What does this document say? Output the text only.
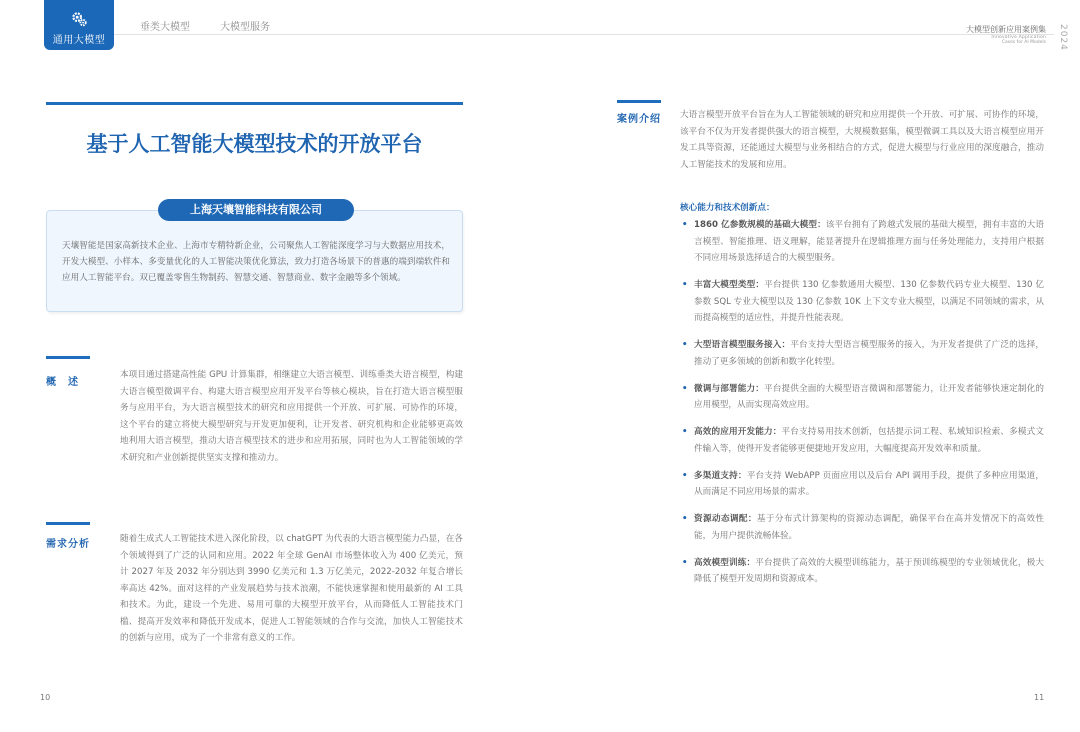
通用大模型
垂类大模型	大模型服务	大模型创新应用案例集
Innovative Application
Cases for AI Models 2024
基于人工智能大模型技术的开放平台
上海天壤智能科技有限公司
天壤智能是国家高新技术企业、上海市专精特新企业，公司聚焦人工智能深度学习与大数据应用技术，开发大模型、小样本、多变量优化的人工智能决策优化算法，致力打造各场景下的普惠的端到端软件和应用人工智能平台。双已覆盖零售生物制药、智慧交通、智慧商业、数字金融等多个领域。
概　述
本项目通过搭建高性能 GPU 计算集群，相继建立大语言模型、训练垂类大语言模型，构建大语言模型微调平台、构建大语言模型应用开发平台等核心模块，旨在打造大语言模型服务与应用平台，为大语言模型技术的研究和应用提供一个开放、可扩展、可协作的环境，这个平台的建立将使大模型研究与开发更加便利，让开发者、研究机构和企业能够更高效地利用大语言模型，推动大语言模型技术的进步和应用拓展，同时也为人工智能领域的学术研究和产业创新提供坚实支撑和推动力。
需求分析	随着生成式人工智能技术进入深化阶段，以 chatGPT 为代表的大语言模型能力凸显，在各个领域得到了广泛的认同和应用。2022 年全球 GenAI 市场整体收入为 400 亿美元，预计 2027 年及 2032 年分别达到 3990 亿美元和 1.3 万亿美元，2022-2032 年复合增长率高达 42%。面对这样的产业发展趋势与技术浪潮，不能快速掌握和使用最新的 AI 工具和技术。为此，建设一个先进、易用可靠的大模型开放平台，从而降低人工智能技术门槛、提高开发效率和降低开发成本，促进人工智能领域的合作与交流，加快人工智能技术的创新与应用，成为了一个非常有意义的工作。
10
案例介绍 大语言模型开放平台旨在为人工智能领域的研究和应用提供一个开放、可扩展、可协作的环境，该平台不仅为开发者提供强大的语言模型，大规模数据集，模型微调工具以及大语言模型应用开发工具等资源，还能通过大模型与业务相结合的方式，促进大模型与行业应用的深度融合，推动人工智能技术的发展和应用。
核心能力和技术创新点：
• 1860 亿参数规模的基础大模型：该平台拥有了跨越式发展的基础大模型，拥有丰富的大语言模型、智能推理、语义理解，能显著提升在逻辑推理方面与任务处理能力，支持用户根据不同应用场景选择适合的大模型服务。
• 丰富大模型类型：平台提供 130 亿参数通用大模型、130 亿参数代码专业大模型、130 亿参数 SQL 专业大模型以及 130 亿参数 10K 上下文专业大模型，以满足不同领域的需求，从而提高模型的适应性，并提升性能表现。
• 大型语言模型服务接入：平台支持大型语言模型服务的接入，为开发者提供了广泛的选择，推动了更多领域的创新和数字化转型。
• 微调与部署能力：平台提供全面的大模型语言微调和部署能力，让开发者能够快速定制化的应用模型，从而实现高效应用。
• 高效的应用开发能力：平台支持易用技术创新，包括提示词工程、私域知识检索、多模式文件输入等，使得开发者能够更便捷地开发应用，大幅度提高开发效率和质量。
• 多渠道支持：平台支持 WebAPP 页面应用以及后台 API 调用手段，提供了多种应用渠道，从而满足不同应用场景的需求。
• 资源动态调配：基于分布式计算架构的资源动态调配，确保平台在高并发情况下的高效性能，为用户提供流畅体验。
• 高效模型训练：平台提供了高效的大模型训练能力，基于预训练模型的专业领域优化，极大降低了模型开发周期和资源成本。
11
